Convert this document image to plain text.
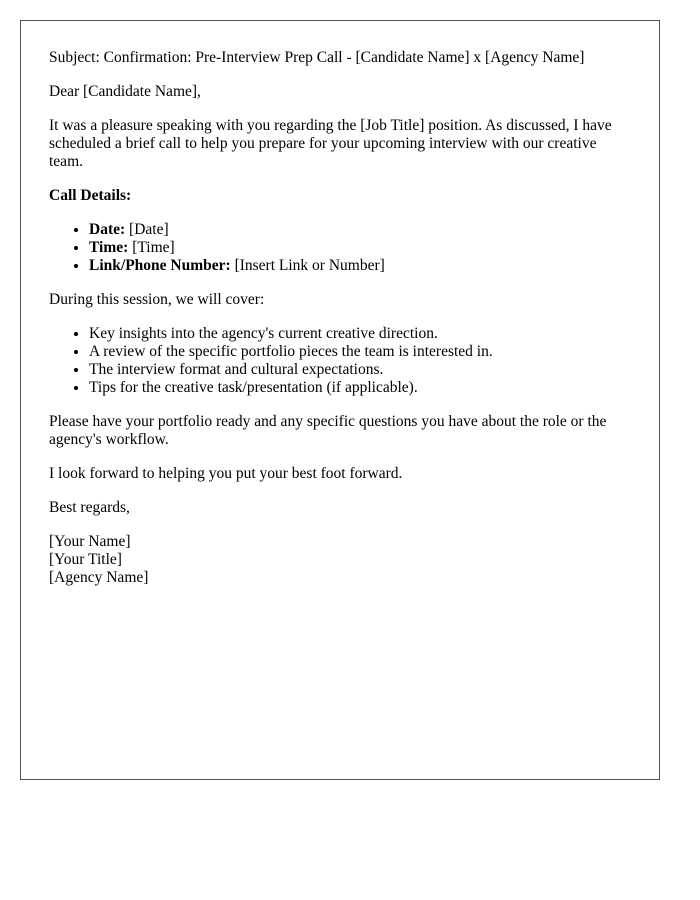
Subject: Confirmation: Pre-Interview Prep Call - [Candidate Name] x [Agency Name]

Dear [Candidate Name],

It was a pleasure speaking with you regarding the [Job Title] position. As discussed, I have scheduled a brief call to help you prepare for your upcoming interview with our creative team.

Call Details:

• Date: [Date]
• Time: [Time]
• Link/Phone Number: [Insert Link or Number]

During this session, we will cover:

• Key insights into the agency's current creative direction.
• A review of the specific portfolio pieces the team is interested in.
• The interview format and cultural expectations.
• Tips for the creative task/presentation (if applicable).

Please have your portfolio ready and any specific questions you have about the role or the agency's workflow.

I look forward to helping you put your best foot forward.

Best regards,

[Your Name]
[Your Title]
[Agency Name]
